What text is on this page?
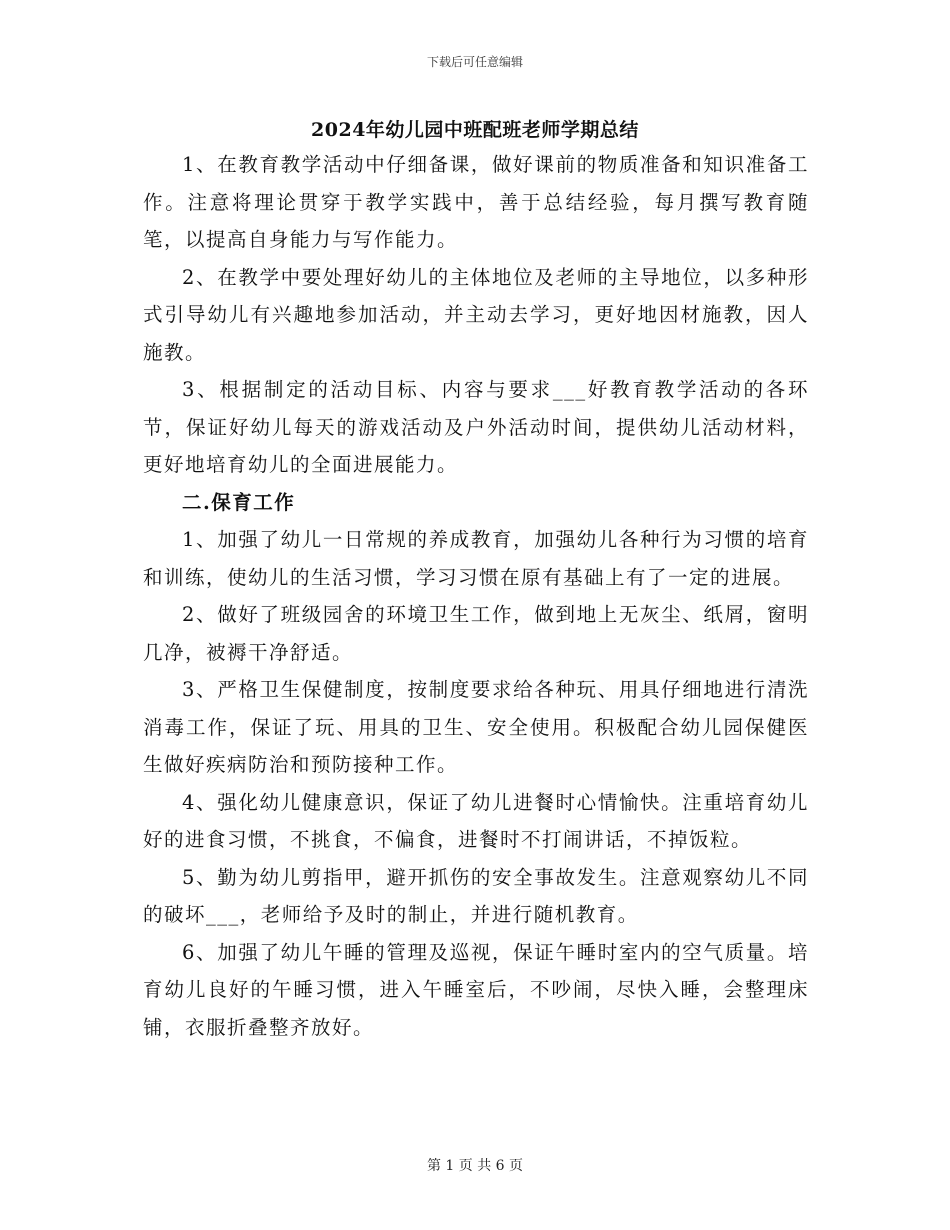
下载后可任意编辑
2024年幼儿园中班配班老师学期总结

1、在教育教学活动中仔细备课，做好课前的物质准备和知识准备工作。注意将理论贯穿于教学实践中，善于总结经验，每月撰写教育随笔，以提高自身能力与写作能力。

2、在教学中要处理好幼儿的主体地位及老师的主导地位，以多种形式引导幼儿有兴趣地参加活动，并主动去学习，更好地因材施教，因人施教。

3、根据制定的活动目标、内容与要求___好教育教学活动的各环节，保证好幼儿每天的游戏活动及户外活动时间，提供幼儿活动材料，更好地培育幼儿的全面进展能力。

二.保育工作

1、加强了幼儿一日常规的养成教育，加强幼儿各种行为习惯的培育和训练，使幼儿的生活习惯，学习习惯在原有基础上有了一定的进展。

2、做好了班级园舍的环境卫生工作，做到地上无灰尘、纸屑，窗明几净，被褥干净舒适。

3、严格卫生保健制度，按制度要求给各种玩、用具仔细地进行清洗消毒工作，保证了玩、用具的卫生、安全使用。积极配合幼儿园保健医生做好疾病防治和预防接种工作。

4、强化幼儿健康意识，保证了幼儿进餐时心情愉快。注重培育幼儿好的进食习惯，不挑食，不偏食，进餐时不打闹讲话，不掉饭粒。

5、勤为幼儿剪指甲，避开抓伤的安全事故发生。注意观察幼儿不同的破坏___，老师给予及时的制止，并进行随机教育。

6、加强了幼儿午睡的管理及巡视，保证午睡时室内的空气质量。培育幼儿良好的午睡习惯，进入午睡室后，不吵闹，尽快入睡，会整理床铺，衣服折叠整齐放好。

第 1 页 共 6 页
